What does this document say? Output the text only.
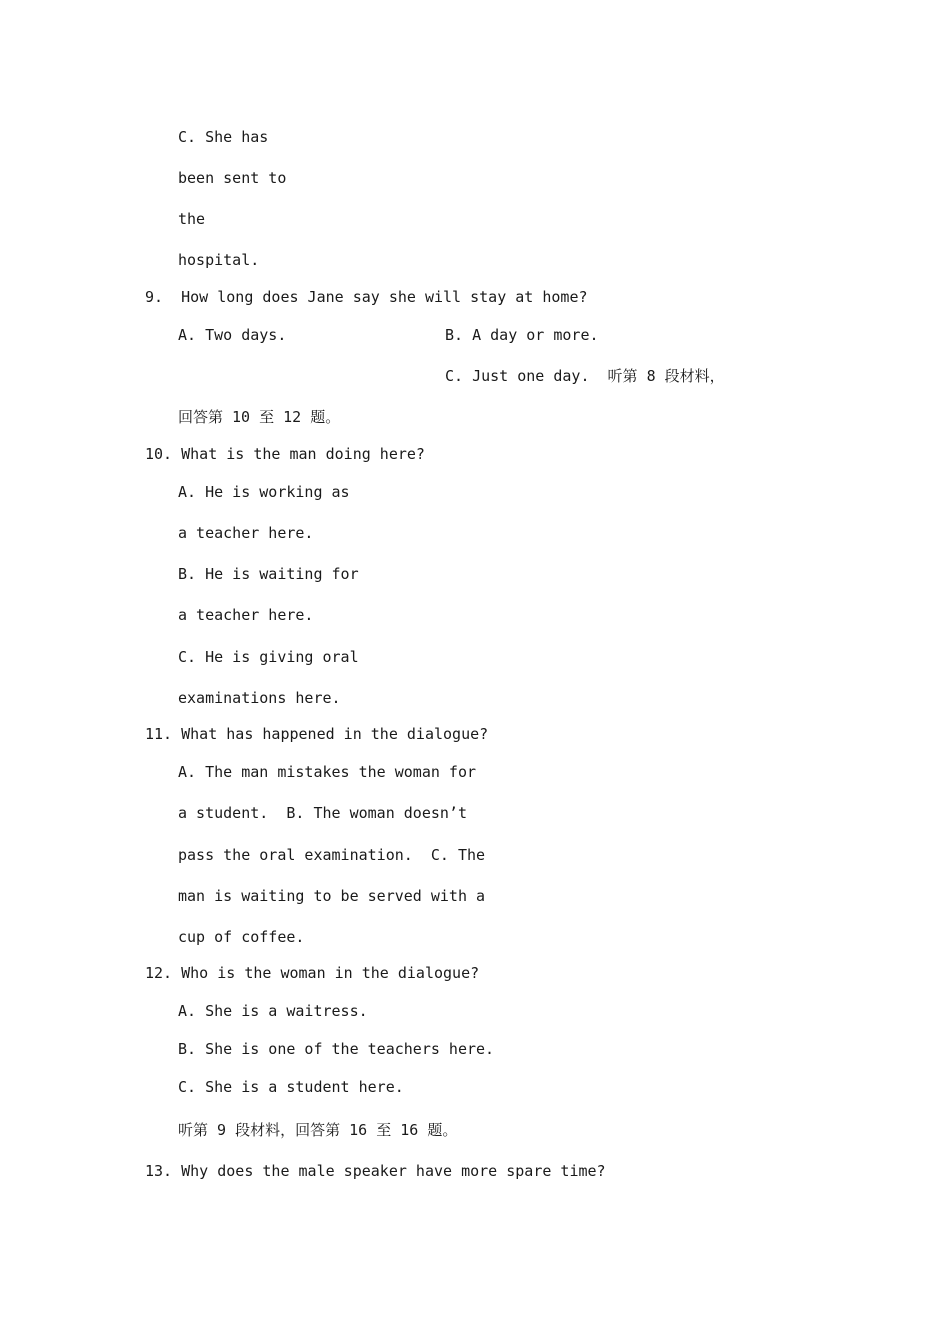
C. She has
been sent to
the
hospital.
9.  How long does Jane say she will stay at home?
A. Two days.	B. A day or more.
C. Just one day.  听第 8 段材料，
回答第 10 至 12 题。
10. What is the man doing here?
A. He is working as
a teacher here.
B. He is waiting for
a teacher here.
C. He is giving oral
examinations here.
11. What has happened in the dialogue?
A. The man mistakes the woman for
a student.  B. The woman doesn’t
pass the oral examination.  C. The
man is waiting to be served with a
cup of coffee.
12. Who is the woman in the dialogue?
A. She is a waitress.
B. She is one of the teachers here.
C. She is a student here.
听第 9 段材料，回答第 16 至 16 题。
13. Why does the male speaker have more spare time?
